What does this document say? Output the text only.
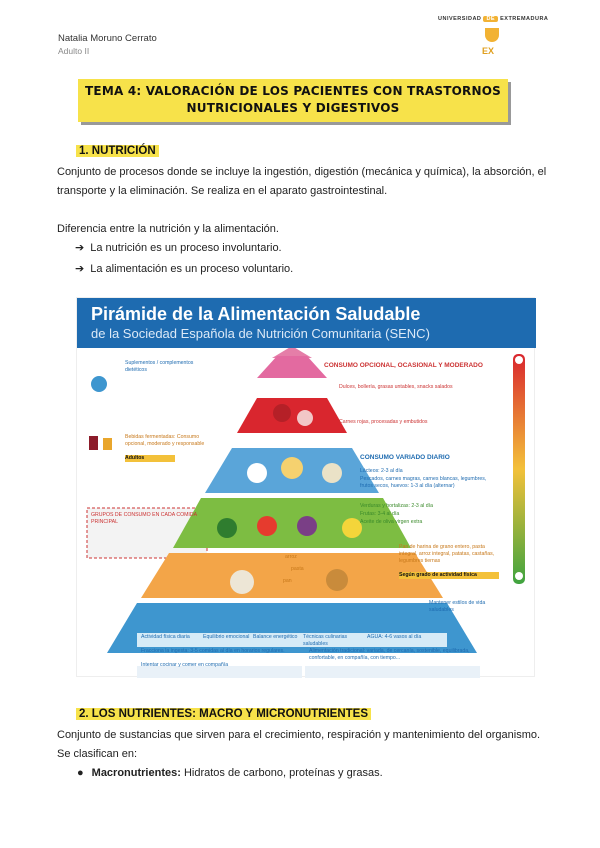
Natalia Moruno Cerrato
Adulto II
UNIVERSIDAD DE EXTREMADURA
EX
TEMA 4: VALORACIÓN DE LOS PACIENTES CON TRASTORNOS
NUTRICIONALES Y DIGESTIVOS
1. NUTRICIÓN
Conjunto de procesos donde se incluye la ingestión, digestión (mecánica y química), la absorción, el
transporte y la eliminación. Se realiza en el aparato gastrointestinal.
Diferencia entre la nutrición y la alimentación.
➔ La nutrición es un proceso involuntario.
➔ La alimentación es un proceso voluntario.
Pirámide de la Alimentación Saludable
de la Sociedad Española de Nutrición Comunitaria (SENC)
CONSUMO OPCIONAL, OCASIONAL Y MODERADO
Dulces, bollería, grasas untables, snacks salados
Carnes rojas, procesadas y embutidos
CONSUMO VARIADO DIARIO
Lácteos: 2-3 al día
Pescados, carnes magras, carnes blancas, legumbres, frutos secos, huevos: 1-3 al día (alternar)
Verduras y hortalizas: 2-3 al día
Frutas: 3-4 al día
Aceite de oliva virgen extra
Pan de harina de grano entero, pasta integral, arroz integral, patatas, castañas, legumbres tiernas
Según grado de actividad física
Mantener estilos de vida saludables
Suplementos / complementos dietéticos
Bebidas fermentadas: Consumo opcional, moderado y responsable
Adultos
GRUPOS DE CONSUMO EN CADA COMIDA PRINCIPAL
arroz
pasta
pan
Actividad física diaria	Equilibrio emocional Balance energético	Técnicas culinarias saludables
AGUA: 4-6 vasos al día
Fracciona la ingesta: 3-5 comidas al día en horarios regulares.
Intentar cocinar y comer en compañía
Alimentación tradicional: variada, de cercanía, sostenible, equilibrada, confortable, en compañía, con tiempo...
2. LOS NUTRIENTES: MACRO Y MICRONUTRIENTES
Conjunto de sustancias que sirven para el crecimiento, respiración y mantenimiento del organismo.
Se clasifican en:
● Macronutrientes: Hidratos de carbono, proteínas y grasas.
